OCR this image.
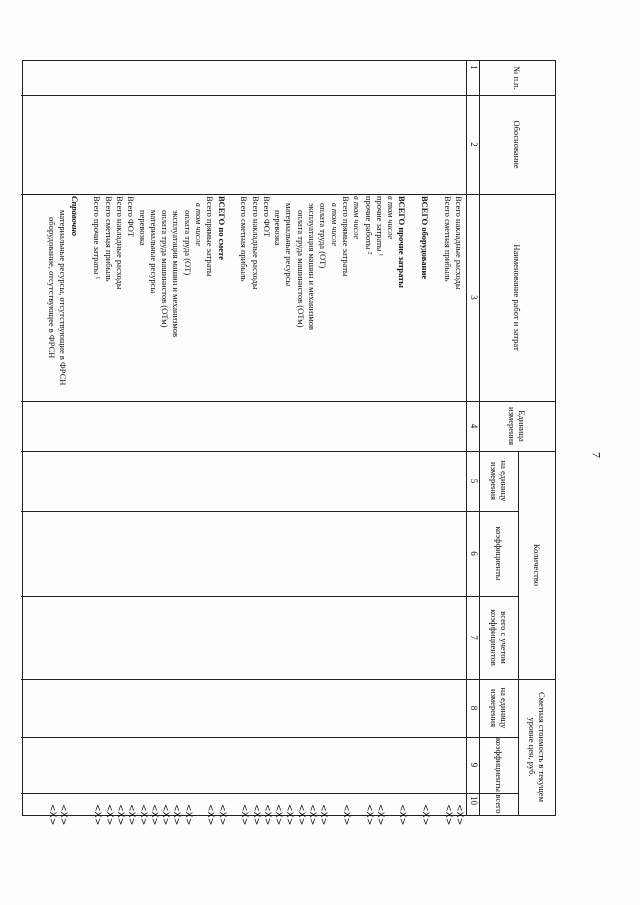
7
№ п.п.
Обоснование
Наименование работ и затрат
Единица измерения
Количество
на единицу измерения
коэффициенты
всего с учетом коэффициентов
Сметная стоимость в текущем уровне цен, руб.
на единицу измерения
коэффициенты
всего
1
2
3
4
5
6
7
8
9
10
Всего накладные расходы
<X>
Всего сметная прибыль
<X>
ВСЕГО оборудование
<X>
ВСЕГО прочие затраты
<X>
в том числе
прочие затраты ¹
<X>
прочие работы ²
<X>
в том числе
Всего прямые затраты
<X>
в том числе
оплата труда (ОТ)
<X>
эксплуатация машин и механизмов
<X>
оплата труда машинистов (ОТм)
<X>
материальные ресурсы
<X>
перевозка
<X>
Всего ФОТ
<X>
Всего накладные расходы
<X>
Всего сметная прибыль
<X>
ВСЕГО по смете
<X>
Всего прямые затраты
<X>
в том числе
оплата труда (ОТ)
<X>
эксплуатация машин и механизмов
<X>
оплата труда машинистов (ОТм)
<X>
материальные ресурсы
<X>
перевозка
<X>
Всего ФОТ
<X>
Всего накладные расходы
<X>
Всего сметная прибыль
<X>
Всего прочие затраты ¹
<X>
Справочно
материальные ресурсы, отсутствующие в ФРСН
<X>
оборудование, отсутствующее в ФРСН
<X>
